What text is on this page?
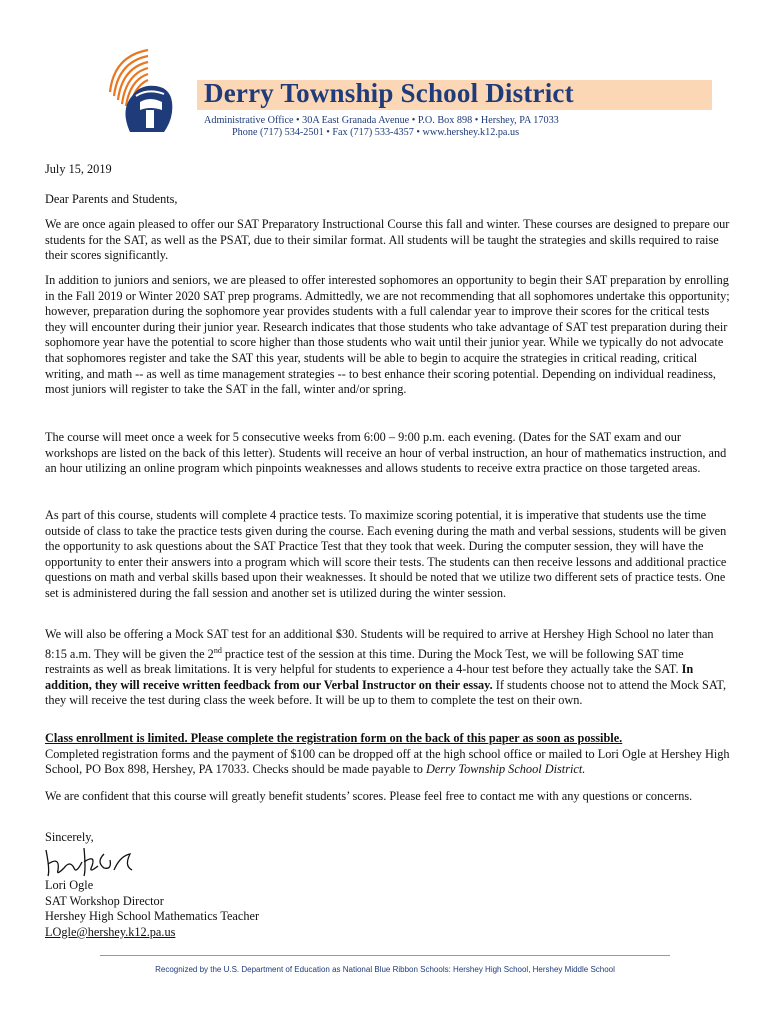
Derry Township School District
Administrative Office • 30A East Granada Avenue • P.O. Box 898 • Hershey, PA 17033
Phone (717) 534-2501 • Fax (717) 533-4357 • www.hershey.k12.pa.us
July 15, 2019
Dear Parents and Students,
We are once again pleased to offer our SAT Preparatory Instructional Course this fall and winter. These courses are designed to prepare our students for the SAT, as well as the PSAT, due to their similar format. All students will be taught the strategies and skills required to raise their scores significantly.
In addition to juniors and seniors, we are pleased to offer interested sophomores an opportunity to begin their SAT preparation by enrolling in the Fall 2019 or Winter 2020 SAT prep programs. Admittedly, we are not recommending that all sophomores undertake this opportunity; however, preparation during the sophomore year provides students with a full calendar year to improve their scores for the critical tests they will encounter during their junior year. Research indicates that those students who take advantage of SAT test preparation during their sophomore year have the potential to score higher than those students who wait until their junior year. While we typically do not advocate that sophomores register and take the SAT this year, students will be able to begin to acquire the strategies in critical reading, critical writing, and math -- as well as time management strategies -- to best enhance their scoring potential. Depending on individual readiness, most juniors will register to take the SAT in the fall, winter and/or spring.
The course will meet once a week for 5 consecutive weeks from 6:00 – 9:00 p.m. each evening. (Dates for the SAT exam and our workshops are listed on the back of this letter). Students will receive an hour of verbal instruction, an hour of mathematics instruction, and an hour utilizing an online program which pinpoints weaknesses and allows students to receive extra practice on those targeted areas.
As part of this course, students will complete 4 practice tests. To maximize scoring potential, it is imperative that students use the time outside of class to take the practice tests given during the course. Each evening during the math and verbal sessions, students will be given the opportunity to ask questions about the SAT Practice Test that they took that week. During the computer session, they will have the opportunity to enter their answers into a program which will score their tests. The students can then receive lessons and additional practice questions on math and verbal skills based upon their weaknesses. It should be noted that we utilize two different sets of practice tests. One set is administered during the fall session and another set is utilized during the winter session.
We will also be offering a Mock SAT test for an additional $30. Students will be required to arrive at Hershey High School no later than 8:15 a.m. They will be given the 2nd practice test of the session at this time. During the Mock Test, we will be following SAT time restraints as well as break limitations. It is very helpful for students to experience a 4-hour test before they actually take the SAT. In addition, they will receive written feedback from our Verbal Instructor on their essay. If students choose not to attend the Mock SAT, they will receive the test during class the week before. It will be up to them to complete the test on their own.
Class enrollment is limited. Please complete the registration form on the back of this paper as soon as possible.
Completed registration forms and the payment of $100 can be dropped off at the high school office or mailed to Lori Ogle at Hershey High School, PO Box 898, Hershey, PA 17033. Checks should be made payable to Derry Township School District.
We are confident that this course will greatly benefit students’ scores. Please feel free to contact me with any questions or concerns.
Sincerely,
Lori Ogle
SAT Workshop Director
Hershey High School Mathematics Teacher
LOgle@hershey.k12.pa.us
Recognized by the U.S. Department of Education as National Blue Ribbon Schools: Hershey High School, Hershey Middle School
